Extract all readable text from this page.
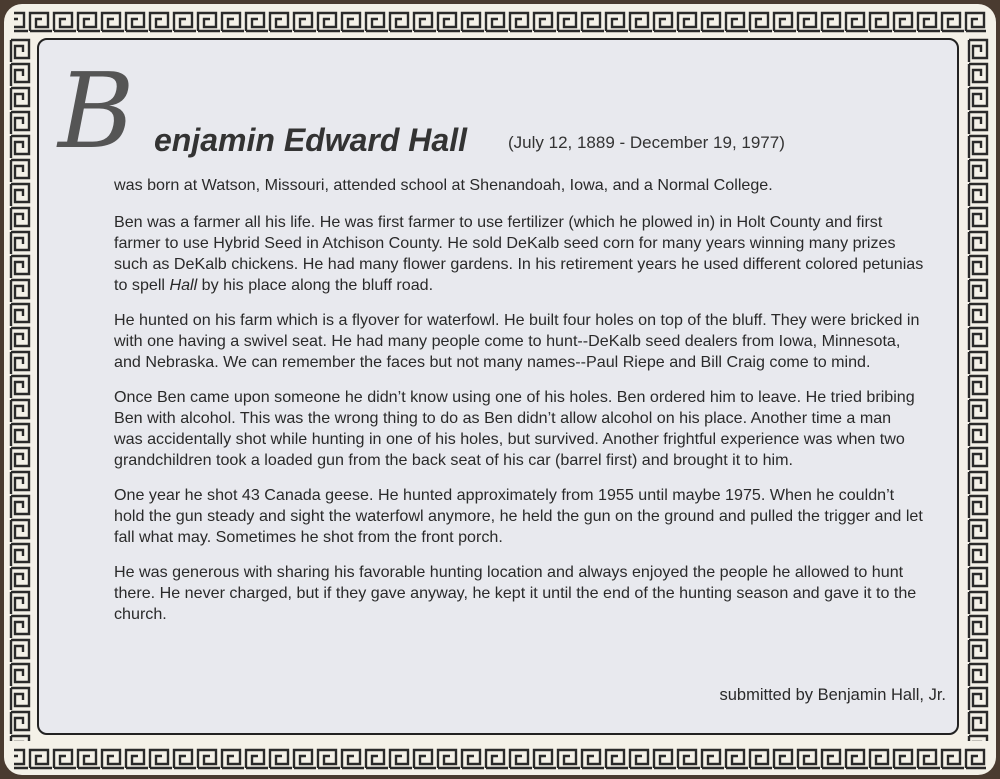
B enjamin Edward Hall (July 12, 1889 - December 19, 1977)

was born at Watson, Missouri, attended school at Shenandoah, Iowa, and a Normal College.

Ben was a farmer all his life. He was first farmer to use fertilizer (which he plowed in) in Holt County and first farmer to use Hybrid Seed in Atchison County. He sold DeKalb seed corn for many years winning many prizes such as DeKalb chickens. He had many flower gardens. In his retirement years he used different colored petunias to spell Hall by his place along the bluff road.

He hunted on his farm which is a flyover for waterfowl. He built four holes on top of the bluff. They were bricked in with one having a swivel seat. He had many people come to hunt--DeKalb seed dealers from Iowa, Minnesota, and Nebraska. We can remember the faces but not many names--Paul Riepe and Bill Craig come to mind.

Once Ben came upon someone he didn’t know using one of his holes. Ben ordered him to leave. He tried bribing Ben with alcohol. This was the wrong thing to do as Ben didn’t allow alcohol on his place. Another time a man was accidentally shot while hunting in one of his holes, but survived. Another frightful experience was when two grandchildren took a loaded gun from the back seat of his car (barrel first) and brought it to him.

One year he shot 43 Canada geese. He hunted approximately from 1955 until maybe 1975. When he couldn’t hold the gun steady and sight the waterfowl anymore, he held the gun on the ground and pulled the trigger and let fall what may. Sometimes he shot from the front porch.

He was generous with sharing his favorable hunting location and always enjoyed the people he allowed to hunt there. He never charged, but if they gave anyway, he kept it until the end of the hunting season and gave it to the church.

submitted by Benjamin Hall, Jr.
